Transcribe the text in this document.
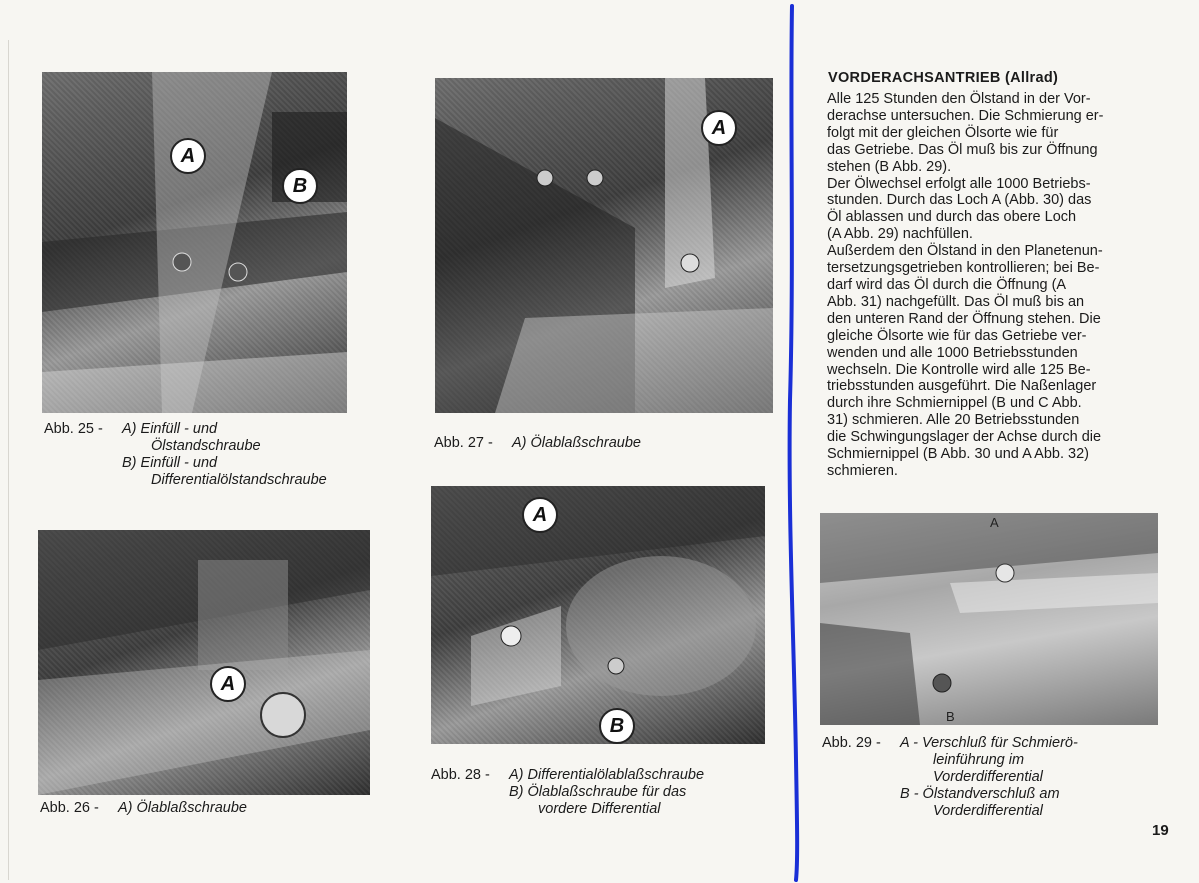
A
B
Abb. 25 - A) Einfüll - und
Ölstandschraube
B) Einfüll - und
Differentialölstandschraube
A
Abb. 26 - A) Ölablaßschraube
A
Abb. 27 - A) Ölablaßschraube
A
B
Abb. 28 - A) Differentialölablaßschraube
B) Ölablaßschraube für das
vordere Differential
A
B
Abb. 29 - A - Verschluß für Schmierö-
leinführung im
Vorderdifferential
B - Ölstandverschluß am
Vorderdifferential
VORDERACHSANTRIEB (Allrad)
Alle 125 Stunden den Ölstand in der Vor-
derachse untersuchen. Die Schmierung er-
folgt mit der gleichen Ölsorte wie für
das Getriebe. Das Öl muß bis zur Öffnung
stehen (B Abb. 29).
Der Ölwechsel erfolgt alle 1000 Betriebs-
stunden. Durch das Loch A (Abb. 30) das
Öl ablassen und durch das obere Loch
(A Abb. 29) nachfüllen.
Außerdem den Ölstand in den Planetenun-
tersetzungsgetrieben kontrollieren; bei Be-
darf wird das Öl durch die Öffnung (A
Abb. 31) nachgefüllt. Das Öl muß bis an
den unteren Rand der Öffnung stehen. Die
gleiche Ölsorte wie für das Getriebe ver-
wenden und alle 1000 Betriebsstunden
wechseln. Die Kontrolle wird alle 125 Be-
triebsstunden ausgeführt. Die Naßenlager
durch ihre Schmiernippel (B und C Abb.
31) schmieren. Alle 20 Betriebsstunden
die Schwingungslager der Achse durch die
Schmiernippel (B Abb. 30 und A Abb. 32)
schmieren.
19
